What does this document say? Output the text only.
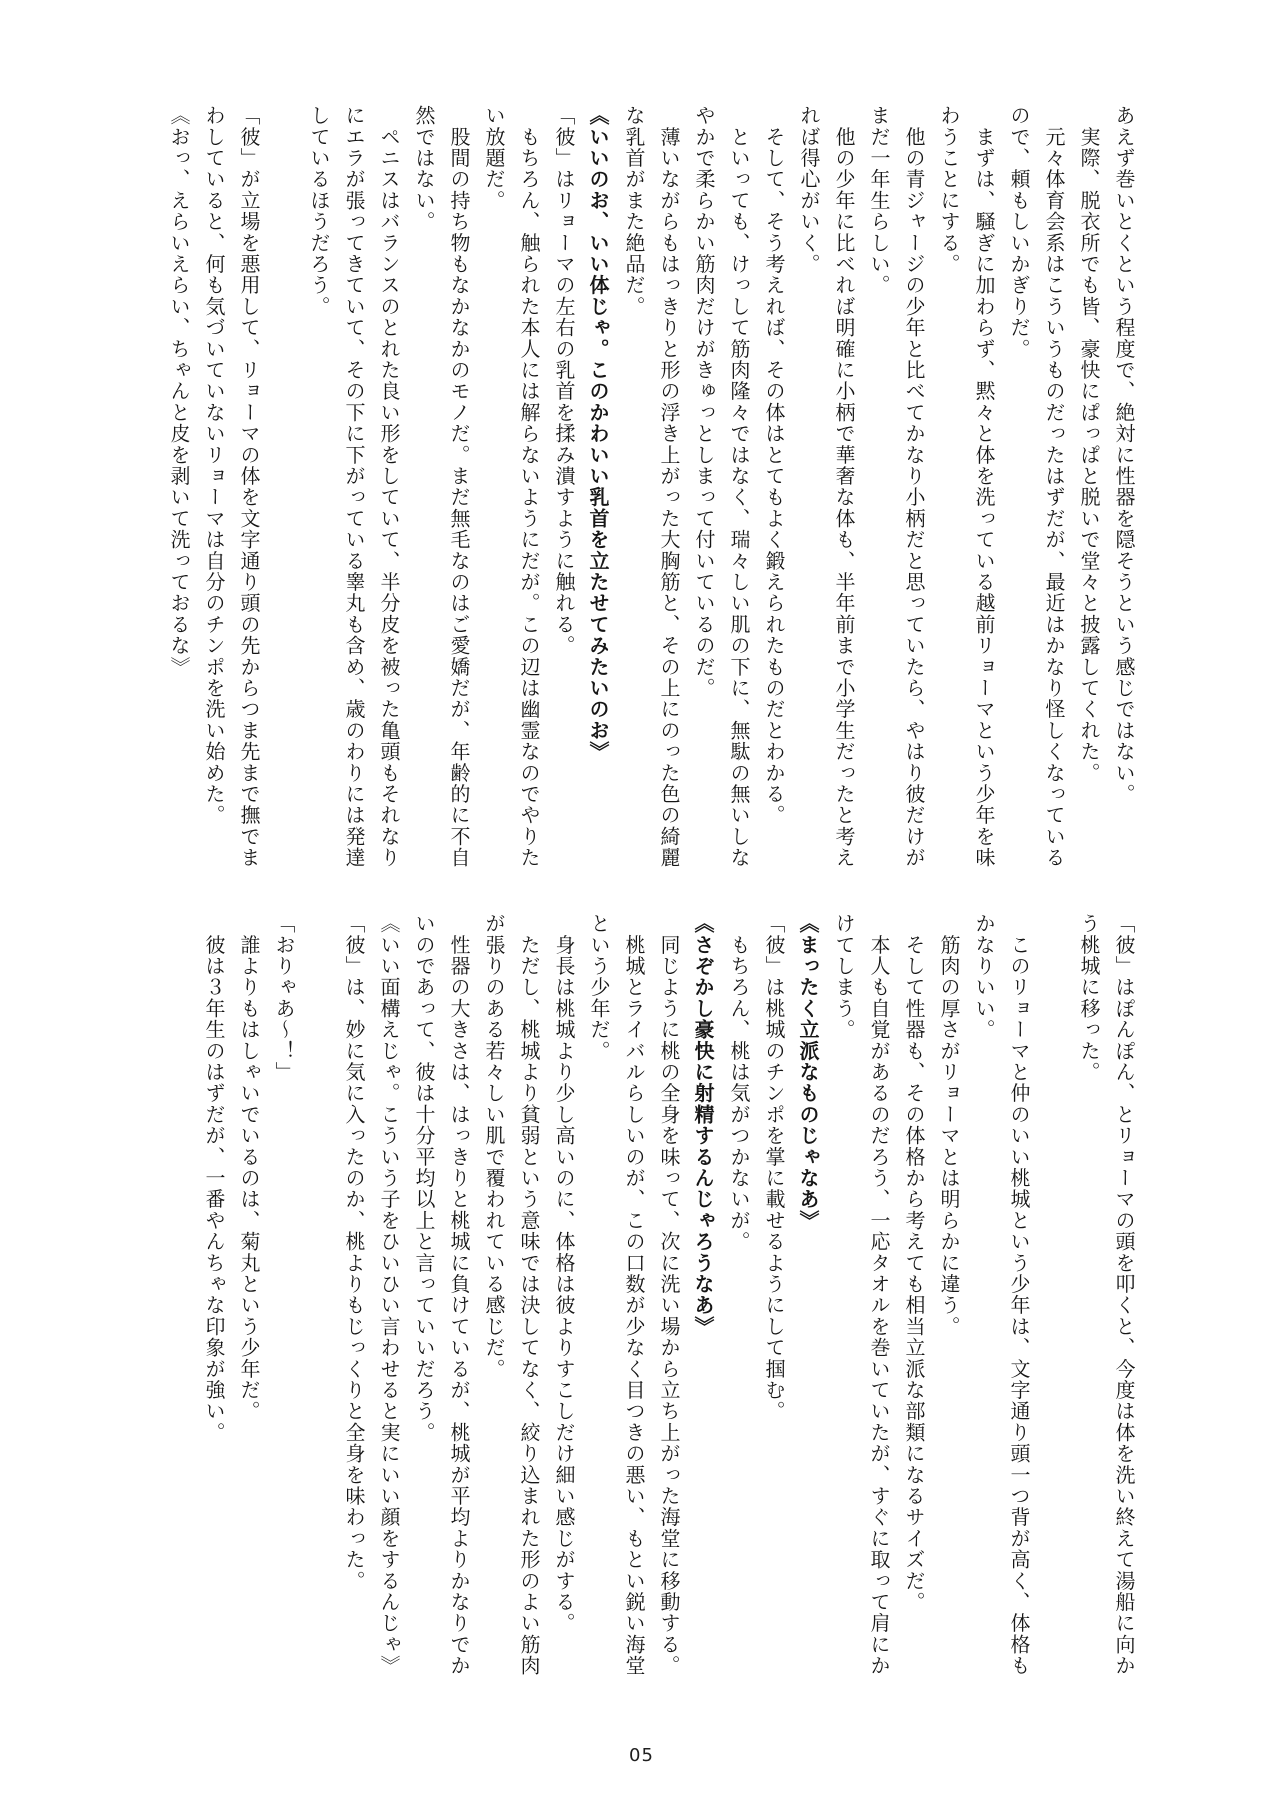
あえず巻いとくという程度で、絶対に性器を隠そうという感じではない。
　実際、脱衣所でも皆、豪快にぱっぱと脱いで堂々と披露してくれた。
　元々体育会系はこういうものだったはずだが、最近はかなり怪しくなっている
ので、頼もしいかぎりだ。
　まずは、騒ぎに加わらず、黙々と体を洗っている越前リョーマという少年を味
わうことにする。
　他の青ジャージの少年と比べてかなり小柄だと思っていたら、やはり彼だけが
まだ一年生らしい。
　他の少年に比べれば明確に小柄で華奢な体も、半年前まで小学生だったと考え
れば得心がいく。
　そして、そう考えれば、その体はとてもよく鍛えられたものだとわかる。
　といっても、けっして筋肉隆々ではなく、瑞々しい肌の下に、無駄の無いしな
やかで柔らかい筋肉だけがきゅっとしまって付いているのだ。
　薄いながらもはっきりと形の浮き上がった大胸筋と、その上にのった色の綺麗
な乳首がまた絶品だ。
《いいのお、いい体じゃ。このかわいい乳首を立たせてみたいのお》
「彼」はリョーマの左右の乳首を揉み潰すように触れる。
　もちろん、触られた本人には解らないようにだが。この辺は幽霊なのでやりた
い放題だ。
　股間の持ち物もなかなかのモノだ。まだ無毛なのはご愛嬌だが、年齢的に不自
然ではない。
　ペニスはバランスのとれた良い形をしていて、半分皮を被った亀頭もそれなり
にエラが張ってきていて、その下に下がっている睾丸も含め、歳のわりには発達
しているほうだろう。

「彼」が立場を悪用して、リョーマの体を文字通り頭の先からつま先まで撫でま
わしていると、何も気づいていないリョーマは自分のチンポを洗い始めた。
《おっ、えらいえらい、ちゃんと皮を剥いて洗っておるな》
「彼」はぽんぽん、とリョーマの頭を叩くと、今度は体を洗い終えて湯船に向か
う桃城に移った。

　このリョーマと仲のいい桃城という少年は、文字通り頭一つ背が高く、体格も
かなりいい。
　筋肉の厚さがリョーマとは明らかに違う。
　そして性器も、その体格から考えても相当立派な部類になるサイズだ。
　本人も自覚があるのだろう、一応タオルを巻いていたが、すぐに取って肩にか
けてしまう。
《まったく立派なものじゃなあ》
「彼」は桃城のチンポを掌に載せるようにして掴む。
　もちろん、桃は気がつかないが。
《さぞかし豪快に射精するんじゃろうなあ》
　同じように桃の全身を味って、次に洗い場から立ち上がった海堂に移動する。
　桃城とライバルらしいのが、この口数が少なく目つきの悪い、もとい鋭い海堂
という少年だ。
　身長は桃城より少し高いのに、体格は彼よりすこしだけ細い感じがする。
　ただし、桃城より貧弱という意味では決してなく、絞り込まれた形のよい筋肉
が張りのある若々しい肌で覆われている感じだ。
　性器の大きさは、はっきりと桃城に負けているが、桃城が平均よりかなりでか
いのであって、彼は十分平均以上と言っていいだろう。
《いい面構えじゃ。こういう子をひいひい言わせると実にいい顔をするんじゃ》
「彼」は、妙に気に入ったのか、桃よりもじっくりと全身を味わった。

「おりゃあ～！」
　誰よりもはしゃいでいるのは、菊丸という少年だ。
　彼は３年生のはずだが、一番やんちゃな印象が強い。
05
